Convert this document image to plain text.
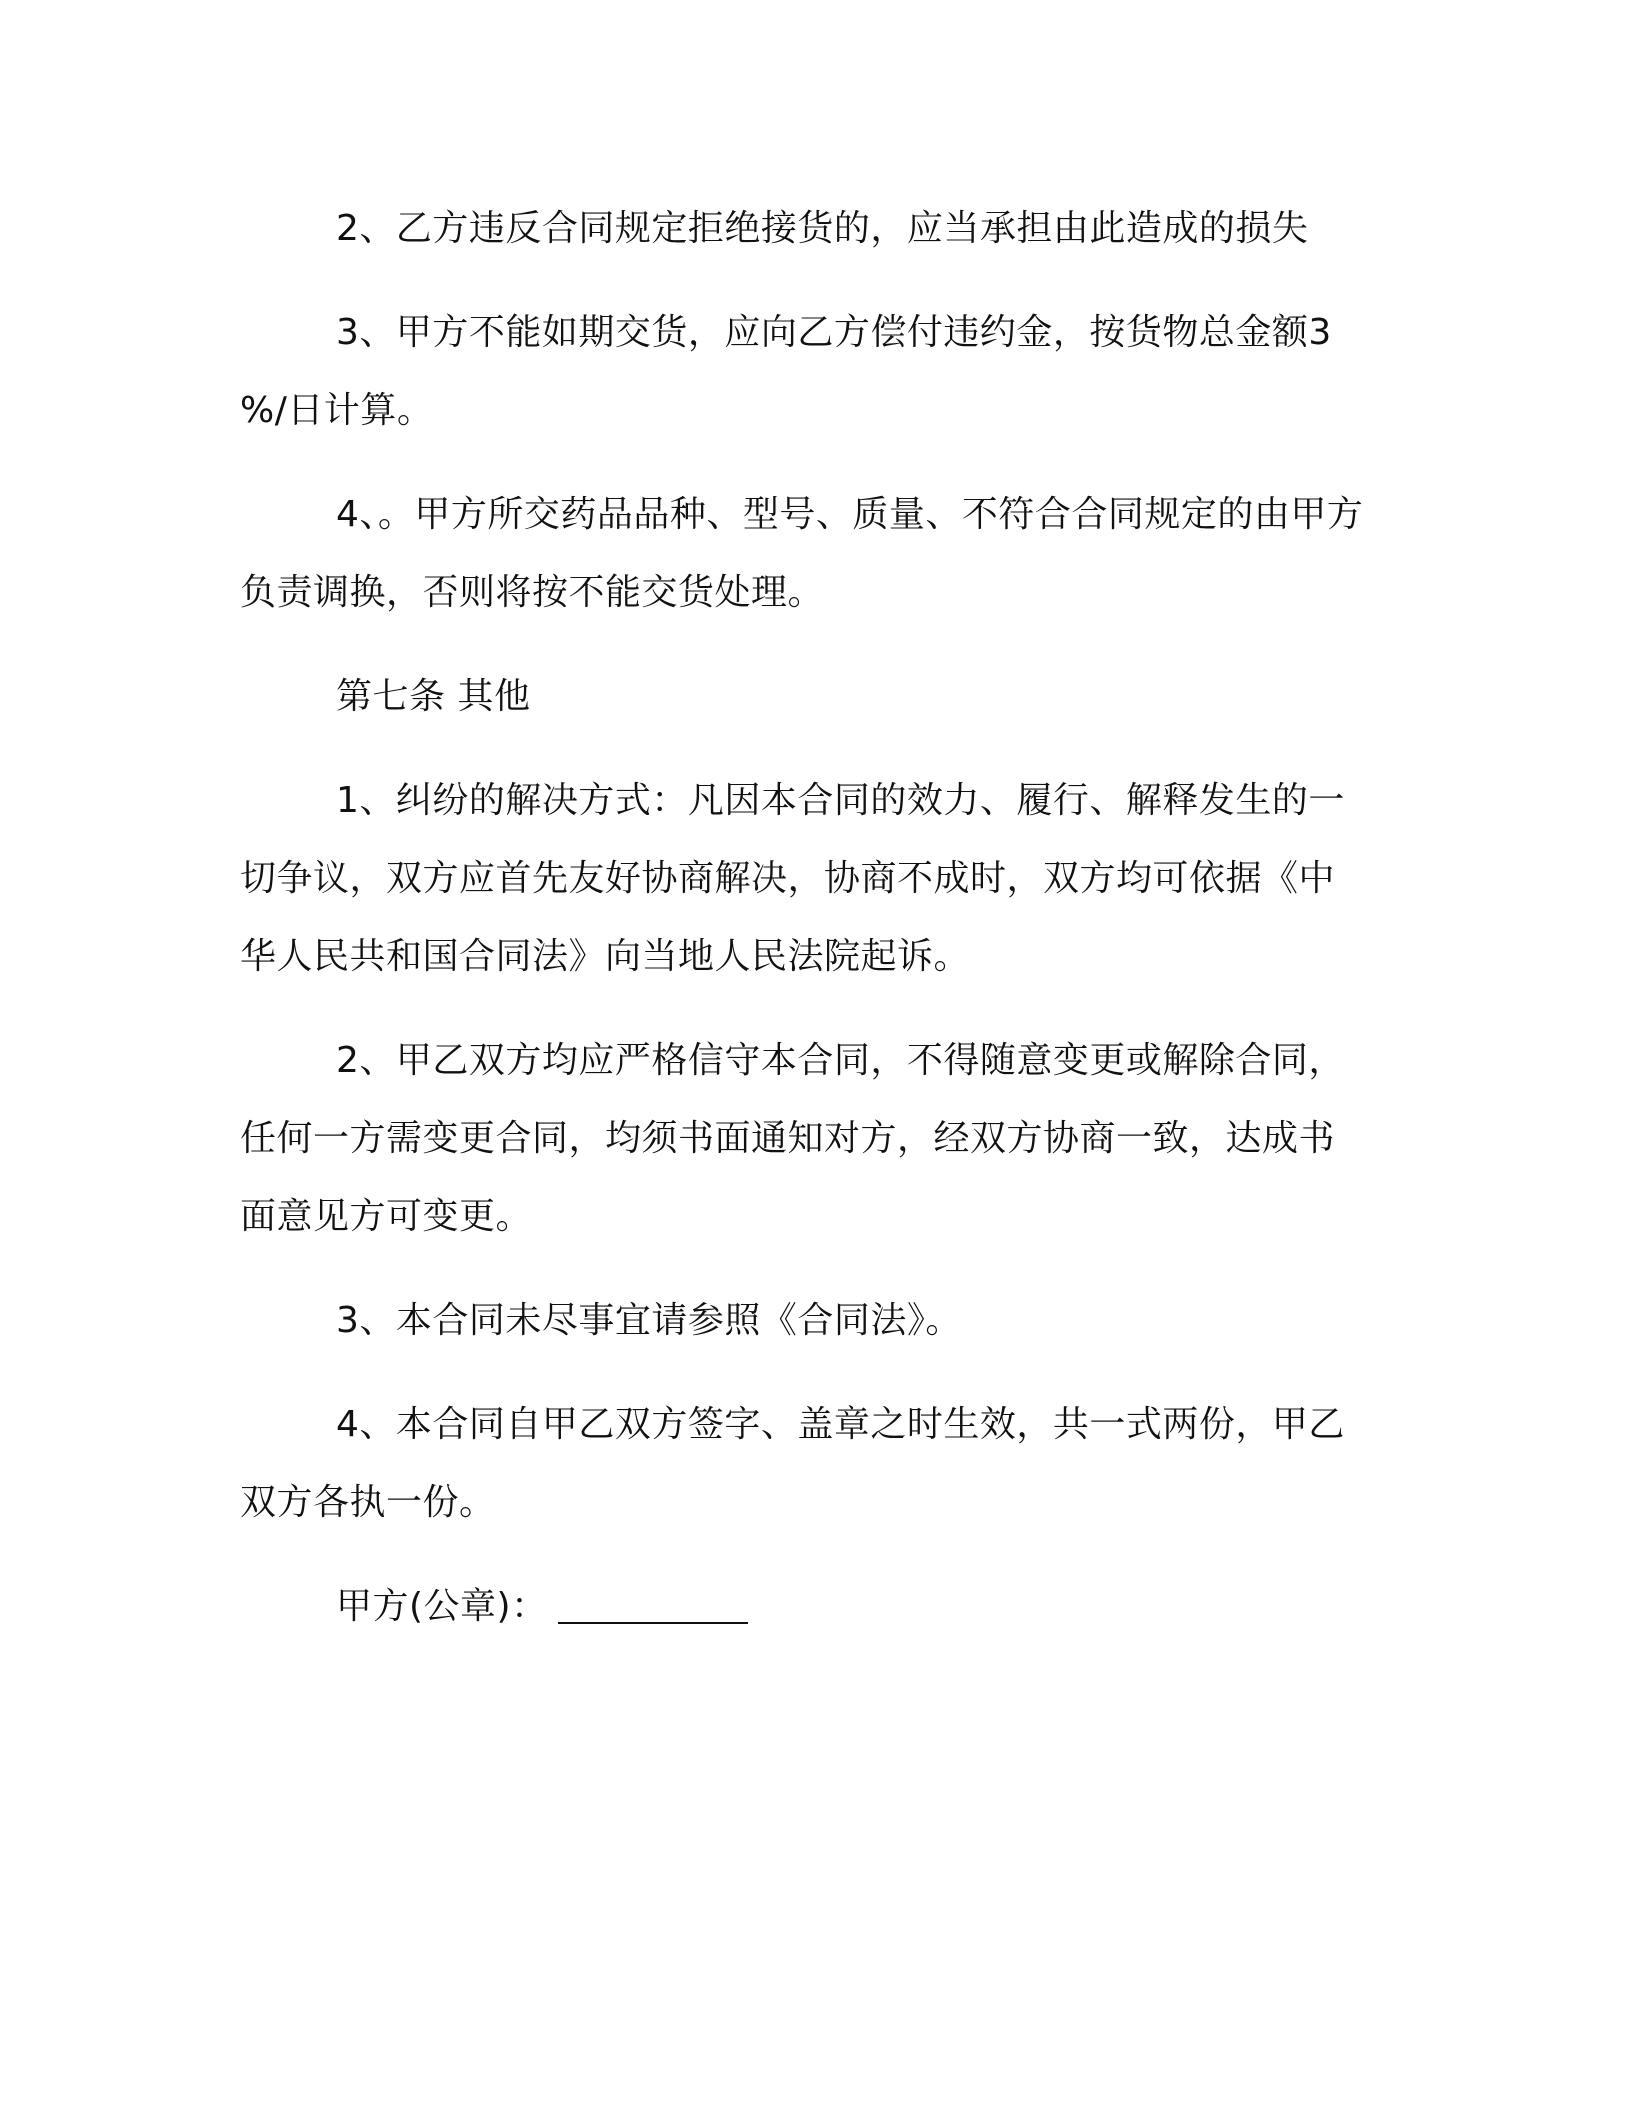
2、乙方违反合同规定拒绝接货的，应当承担由此造成的损失

3、甲方不能如期交货，应向乙方偿付违约金，按货物总金额3 %/日计算。

4、。甲方所交药品品种、型号、质量、不符合合同规定的由甲方负责调换，否则将按不能交货处理。

第七条 其他

1、纠纷的解决方式：凡因本合同的效力、履行、解释发生的一切争议，双方应首先友好协商解决，协商不成时，双方均可依据《中华人民共和国合同法》向当地人民法院起诉。

2、甲乙双方均应严格信守本合同，不得随意变更或解除合同，任何一方需变更合同，均须书面通知对方，经双方协商一致，达成书面意见方可变更。

3、本合同未尽事宜请参照《合同法》。

4、本合同自甲乙双方签字、盖章之时生效，共一式两份，甲乙双方各执一份。

甲方(公章)：
